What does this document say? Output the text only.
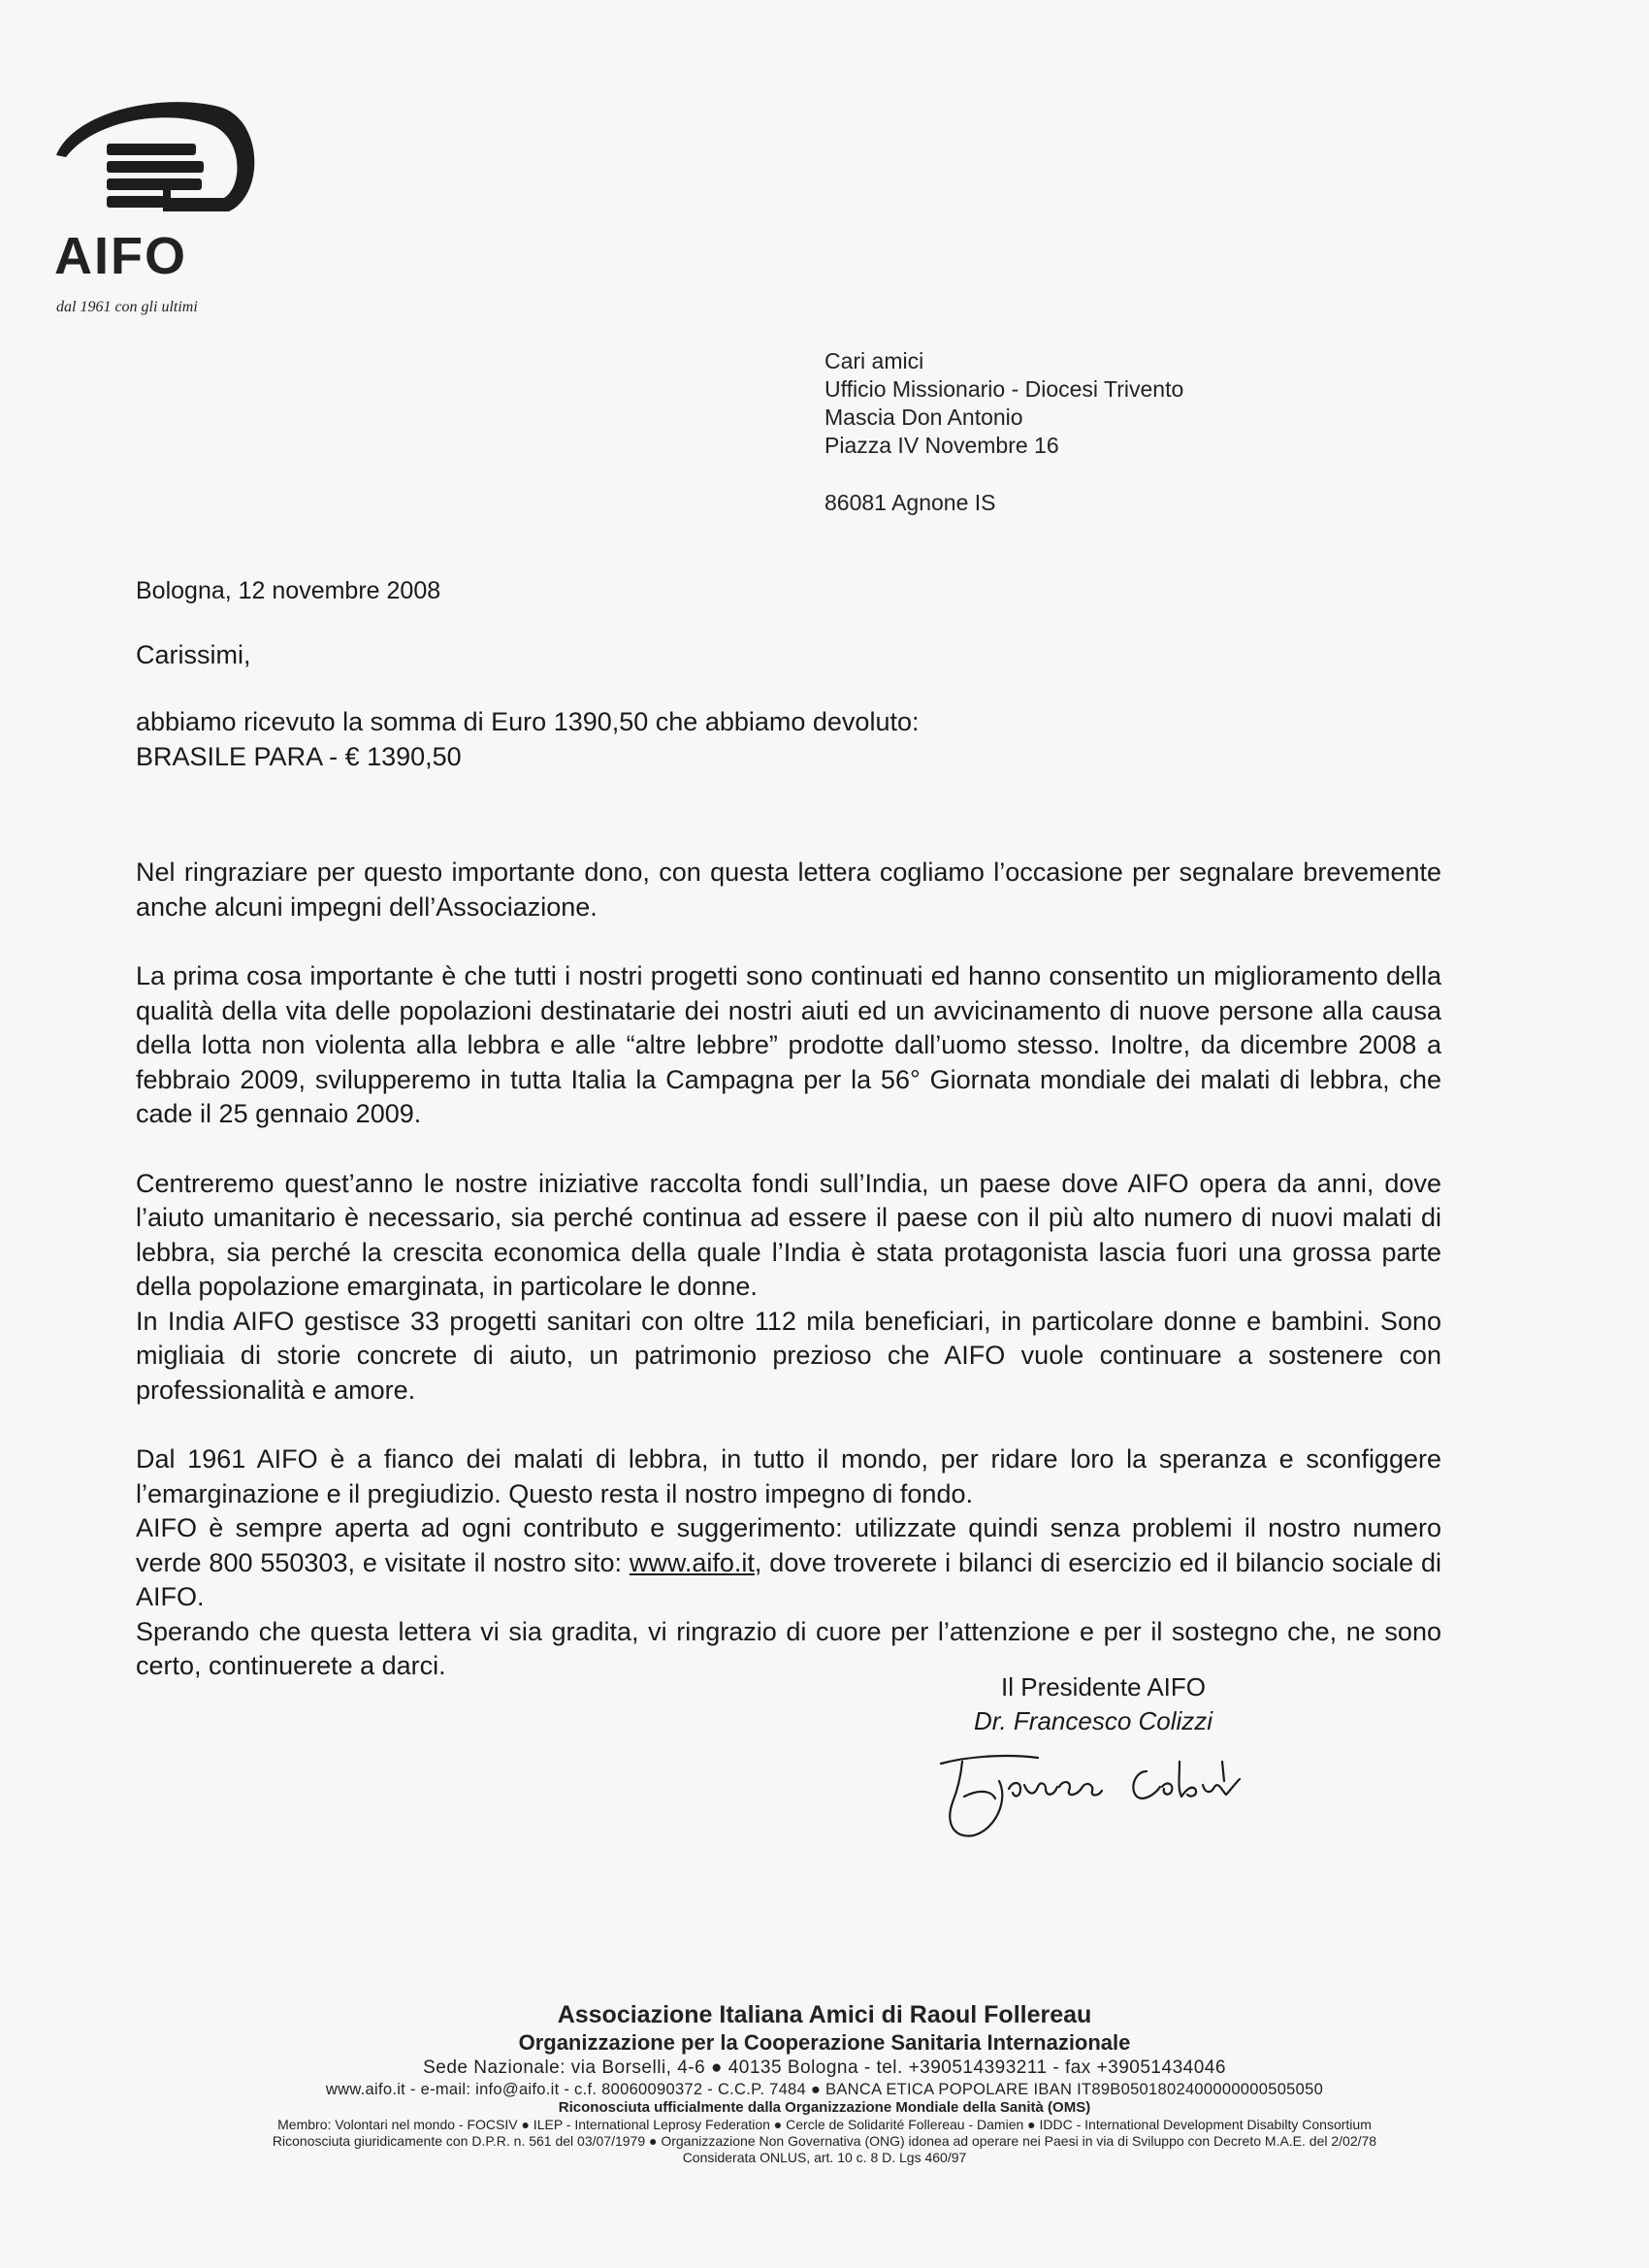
AIFO
dal 1961 con gli ultimi
Cari amici
Ufficio Missionario - Diocesi Trivento
Mascia Don Antonio
Piazza IV Novembre 16
86081 Agnone IS
Bologna, 12 novembre 2008
Carissimi,
abbiamo ricevuto la somma di Euro 1390,50 che abbiamo devoluto:
BRASILE PARA - € 1390,50

Nel ringraziare per questo importante dono, con questa lettera cogliamo l’occasione per segnalare brevemente anche alcuni impegni dell’Associazione.

La prima cosa importante è che tutti i nostri progetti sono continuati ed hanno consentito un miglioramento della qualità della vita delle popolazioni destinatarie dei nostri aiuti ed un avvicinamento di nuove persone alla causa della lotta non violenta alla lebbra e alle “altre lebbre” prodotte dall’uomo stesso. Inoltre, da dicembre 2008 a febbraio 2009, svilupperemo in tutta Italia la Campagna per la 56° Giornata mondiale dei malati di lebbra, che cade il 25 gennaio 2009.

Centreremo quest’anno le nostre iniziative raccolta fondi sull’India, un paese dove AIFO opera da anni, dove l’aiuto umanitario è necessario, sia perché continua ad essere il paese con il più alto numero di nuovi malati di lebbra, sia perché la crescita economica della quale l’India è stata protagonista lascia fuori una grossa parte della popolazione emarginata, in particolare le donne.

In India AIFO gestisce 33 progetti sanitari con oltre 112 mila beneficiari, in particolare donne e bambini. Sono migliaia di storie concrete di aiuto, un patrimonio prezioso che AIFO vuole continuare a sostenere con professionalità e amore.

Dal 1961 AIFO è a fianco dei malati di lebbra, in tutto il mondo, per ridare loro la speranza e sconfiggere l’emarginazione e il pregiudizio. Questo resta il nostro impegno di fondo.

AIFO è sempre aperta ad ogni contributo e suggerimento: utilizzate quindi senza problemi il nostro numero verde 800 550303, e visitate il nostro sito: www.aifo.it, dove troverete i bilanci di esercizio ed il bilancio sociale di AIFO.

Sperando che questa lettera vi sia gradita, vi ringrazio di cuore per l’attenzione e per il sostegno che, ne sono certo, continuerete a darci.

Il Presidente AIFO
Dr. Francesco Colizzi
Associazione Italiana Amici di Raoul Follereau
Organizzazione per la Cooperazione Sanitaria Internazionale
Sede Nazionale: via Borselli, 4-6 ● 40135 Bologna - tel. +390514393211 - fax +39051434046
www.aifo.it - e-mail: info@aifo.it - c.f. 80060090372 - C.C.P. 7484 ● BANCA ETICA POPOLARE IBAN IT89B0501802400000000505050
Riconosciuta ufficialmente dalla Organizzazione Mondiale della Sanità (OMS)
Membro: Volontari nel mondo - FOCSIV ● ILEP - International Leprosy Federation ● Cercle de Solidarité Follereau - Damien ● IDDC - International Development Disabilty Consortium
Riconosciuta giuridicamente con D.P.R. n. 561 del 03/07/1979 ● Organizzazione Non Governativa (ONG) idonea ad operare nei Paesi in via di Sviluppo con Decreto M.A.E. del 2/02/78
Considerata ONLUS, art. 10 c. 8 D. Lgs 460/97
